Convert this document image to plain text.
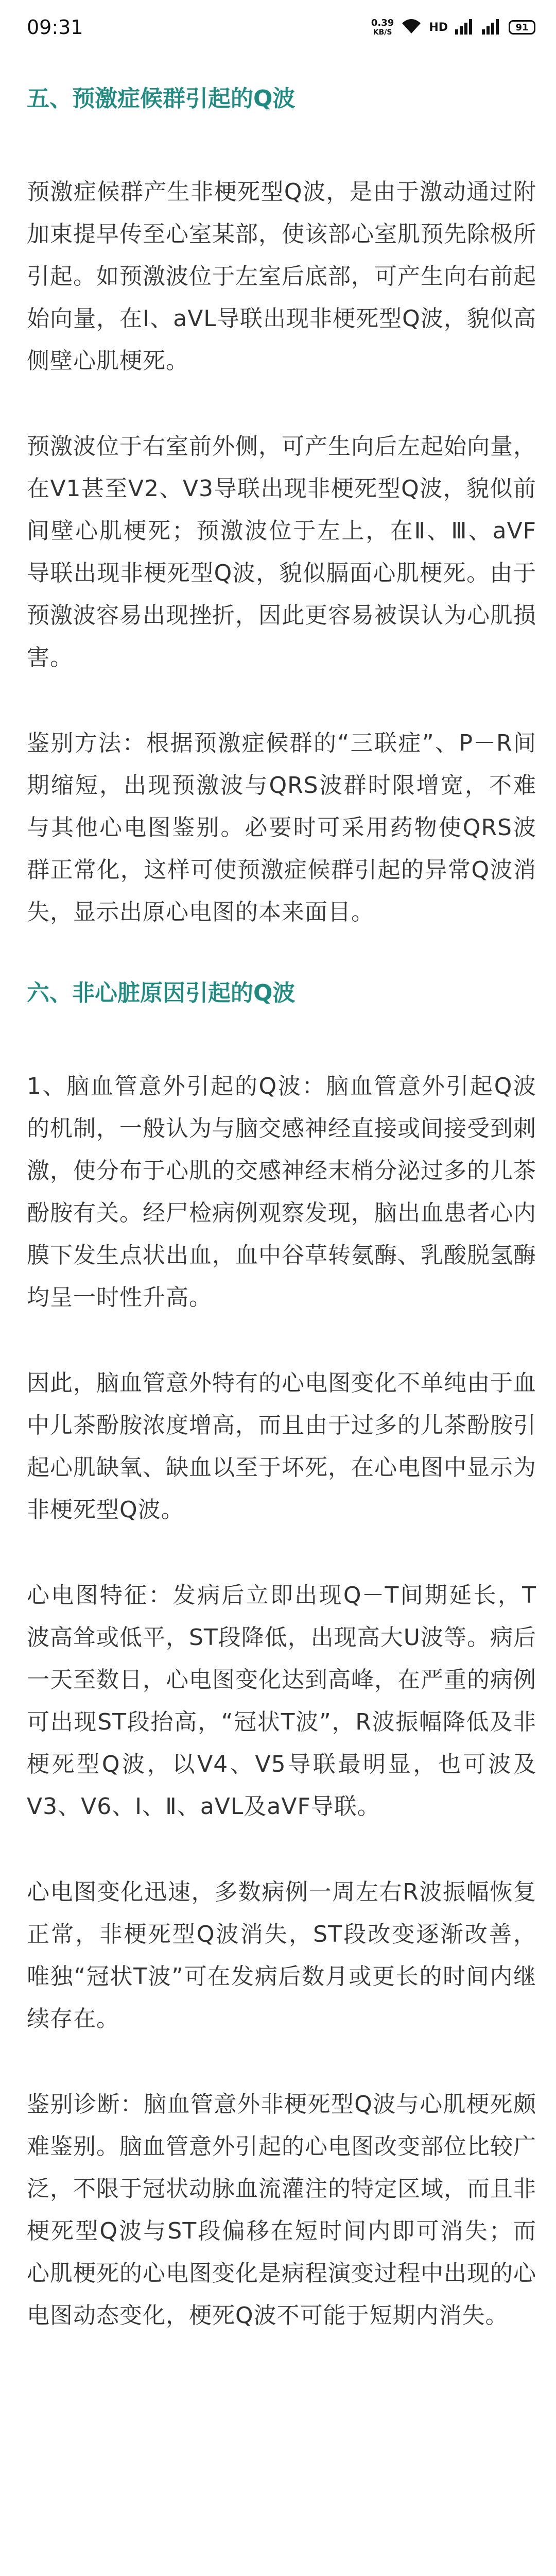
09:31	0.39
KB/S	HD	91
五、预激症候群引起的Q波

预激症候群产生非梗死型Q波，是由于激动通过附加束提早传至心室某部，使该部心室肌预先除极所引起。如预激波位于左室后底部，可产生向右前起始向量，在Ⅰ、aVL导联出现非梗死型Q波，貌似高侧壁心肌梗死。

预激波位于右室前外侧，可产生向后左起始向量，在V1甚至V2、V3导联出现非梗死型Q波，貌似前间壁心肌梗死；预激波位于左上，在Ⅱ、Ⅲ、aVF导联出现非梗死型Q波，貌似膈面心肌梗死。由于预激波容易出现挫折，因此更容易被误认为心肌损害。

鉴别方法：根据预激症候群的“三联症”、P－R间期缩短，出现预激波与QRS波群时限增宽，不难与其他心电图鉴别。必要时可采用药物使QRS波群正常化，这样可使预激症候群引起的异常Q波消失，显示出原心电图的本来面目。

六、非心脏原因引起的Q波

1、脑血管意外引起的Q波：脑血管意外引起Q波的机制，一般认为与脑交感神经直接或间接受到刺激，使分布于心肌的交感神经末梢分泌过多的儿茶酚胺有关。经尸检病例观察发现，脑出血患者心内膜下发生点状出血，血中谷草转氨酶、乳酸脱氢酶均呈一时性升高。

因此，脑血管意外特有的心电图变化不单纯由于血中儿茶酚胺浓度增高，而且由于过多的儿茶酚胺引起心肌缺氧、缺血以至于坏死，在心电图中显示为非梗死型Q波。

心电图特征：发病后立即出现Q－T间期延长，T波高耸或低平，ST段降低，出现高大U波等。病后一天至数日，心电图变化达到高峰，在严重的病例可出现ST段抬高，“冠状T波”，R波振幅降低及非梗死型Q波，以V4、V5导联最明显，也可波及V3、V6、Ⅰ、Ⅱ、aVL及aVF导联。

心电图变化迅速，多数病例一周左右R波振幅恢复正常，非梗死型Q波消失，ST段改变逐渐改善，唯独“冠状T波”可在发病后数月或更长的时间内继续存在。

鉴别诊断：脑血管意外非梗死型Q波与心肌梗死颇难鉴别。脑血管意外引起的心电图改变部位比较广泛，不限于冠状动脉血流灌注的特定区域，而且非梗死型Q波与ST段偏移在短时间内即可消失；而心肌梗死的心电图变化是病程演变过程中出现的心电图动态变化，梗死Q波不可能于短期内消失。
